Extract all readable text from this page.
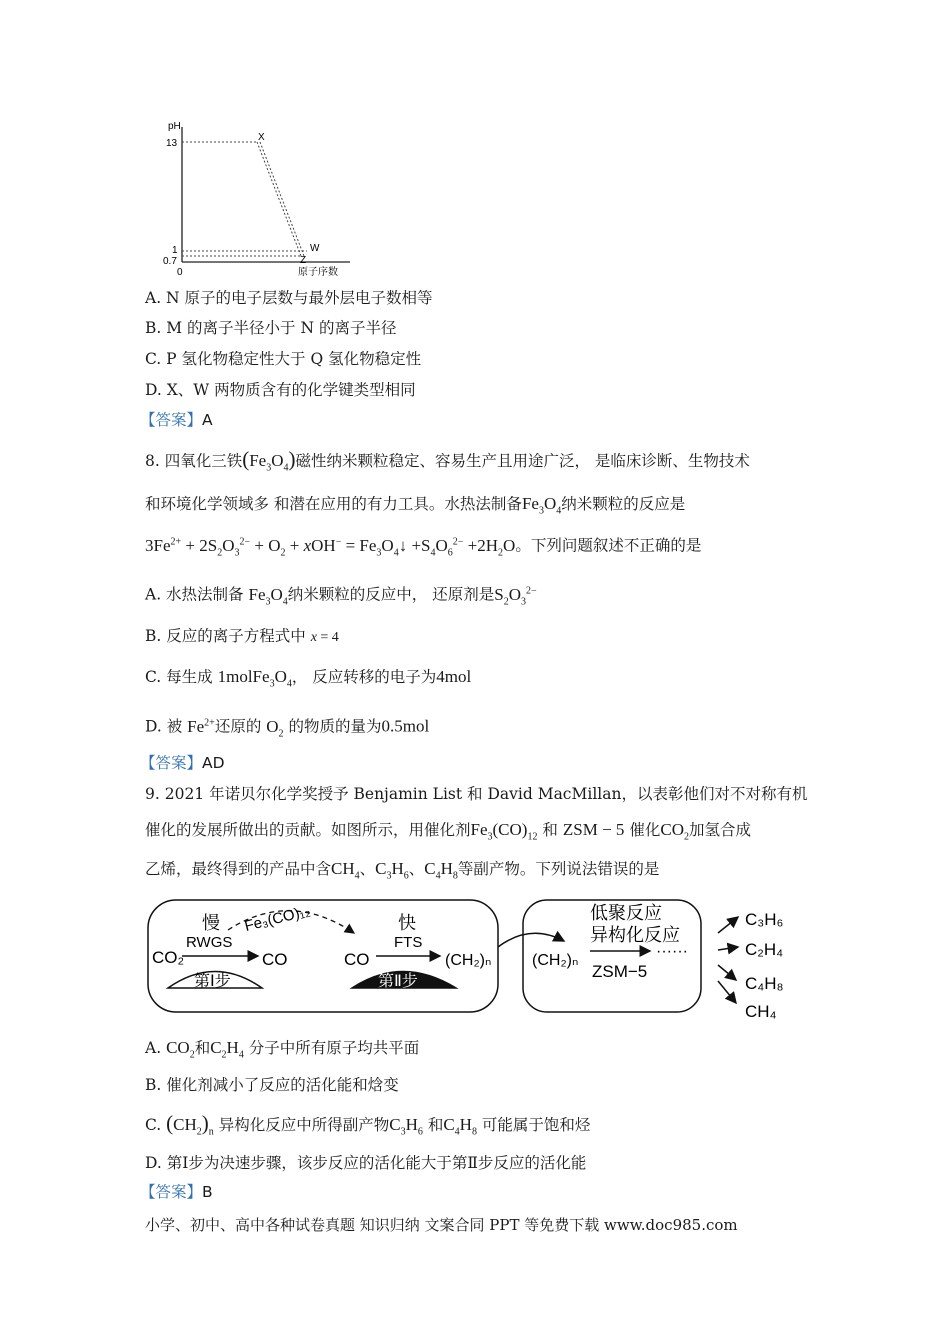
pH
13
1
0.7
0
X
W
Z
原子序数
A. N 原子的电子层数与最外层电子数相等
B. M 的离子半径小于 N 的离子半径
C. P 氢化物稳定性大于 Q 氢化物稳定性
D. X、W 两物质含有的化学键类型相同
【答案】A
8. 四氧化三铁$(Fe_3O_4)$磁性纳米颗粒稳定、容易生产且用途广泛， 是临床诊断、生物技术
和环境化学领域多 和潜在应用的有力工具。水热法制备$Fe_3O_4$纳米颗粒的反应是
$3Fe^{2+} + 2S_2O_3^{2-} + O_2 + xOH^-$ = $Fe_3O_4↓ +S_4O_6^{2-} +2H_2O$。下列问题叙述不正确的是
A. 水热法制备 $Fe_3O_4$纳米颗粒的反应中， 还原剂是$S_2O_3^{2-}$
B. 反应的离子方程式中 x = 4
C. 每生成 $1molFe_3O_4$， 反应转移的电子为4mol
D. 被 $Fe^{2+}$还原的 $O_2$ 的物质的量为0.5mol
【答案】AD
9. 2021 年诺贝尔化学奖授予 Benjamin List 和 David MacMillan，以表彰他们对不对称有机
催化的发展所做出的贡献。如图所示，用催化剂$Fe_3(CO)_{12}$ 和 ZSM − 5 催化$CO_2$加氢合成
乙烯，最终得到的产品中含$CH_4$、$C_3H_6$、$C_4H_8$等副产物。下列说法错误的是
慢
RWGS
CO₂	CO
第Ⅰ步
Fe₃(CO)₁₂	快
FTS
CO	(CH₂)ₙ
第Ⅱ步
低聚反应
异构化反应
(CH₂)ₙ
······
ZSM−5
C₃H₆
C₂H₄
C₄H₈
CH₄
A. $CO_2$和$C_2H_4$ 分子中所有原子均共平面
B. 催化剂减小了反应的活化能和焓变
C. $(CH_2)_n$ 异构化反应中所得副产物$C_3H_6$ 和$C_4H_8$ 可能属于饱和烃
D. 第Ⅰ步为决速步骤，该步反应的活化能大于第Ⅱ步反应的活化能
【答案】B
小学、初中、高中各种试卷真题 知识归纳 文案合同 PPT 等免费下载 www.doc985.com
